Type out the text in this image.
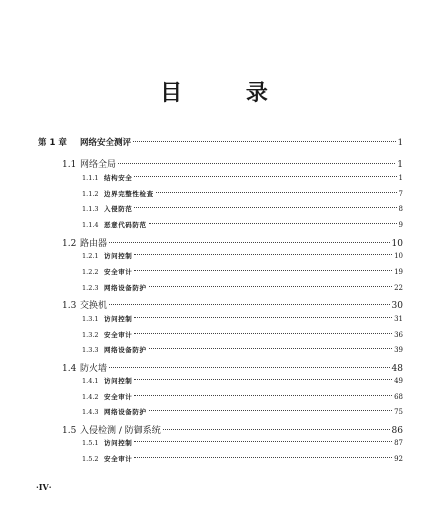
目 录
第 1 章	网络安全测评	1
1.1 网络全局	1
1.1.1 结构安全	1
1.1.2 边界完整性检查	7
1.1.3 入侵防范	8
1.1.4 恶意代码防范	9
1.2 路由器	10
1.2.1 访问控制	10
1.2.2 安全审计	19
1.2.3 网络设备防护	22
1.3 交换机	30
1.3.1 访问控制	31
1.3.2 安全审计	36
1.3.3 网络设备防护	39
1.4 防火墙	48
1.4.1 访问控制	49
1.4.2 安全审计	68
1.4.3 网络设备防护	75
1.5 入侵检测 / 防御系统	86
1.5.1 访问控制	87
1.5.2 安全审计	92
·IV·
